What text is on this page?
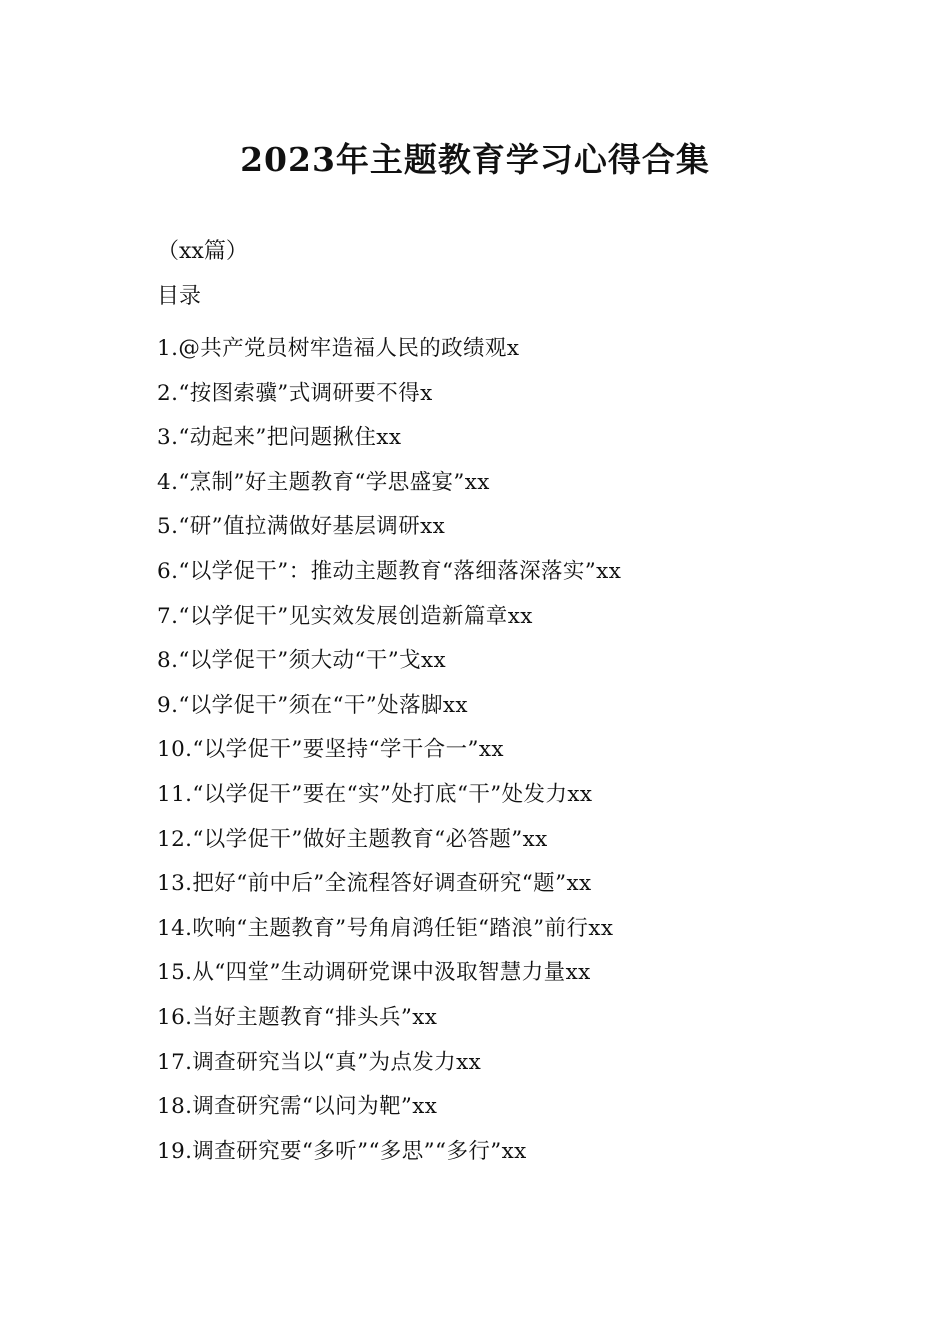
2023年主题教育学习心得合集
（xx篇）
目录
1.@共产党员树牢造福人民的政绩观x
2.“按图索骥”式调研要不得x
3.“动起来”把问题揪住xx
4.“烹制”好主题教育“学思盛宴”xx
5.“研”值拉满做好基层调研xx
6.“以学促干”：推动主题教育“落细落深落实”xx
7.“以学促干”见实效发展创造新篇章xx
8.“以学促干”须大动“干”戈xx
9.“以学促干”须在“干”处落脚xx
10.“以学促干”要坚持“学干合一”xx
11.“以学促干”要在“实”处打底“干”处发力xx
12.“以学促干”做好主题教育“必答题”xx
13.把好“前中后”全流程答好调查研究“题”xx
14.吹响“主题教育”号角肩鸿任钜“踏浪”前行xx
15.从“四堂”生动调研党课中汲取智慧力量xx
16.当好主题教育“排头兵”xx
17.调查研究当以“真”为点发力xx
18.调查研究需“以问为靶”xx
19.调查研究要“多听”“多思”“多行”xx
